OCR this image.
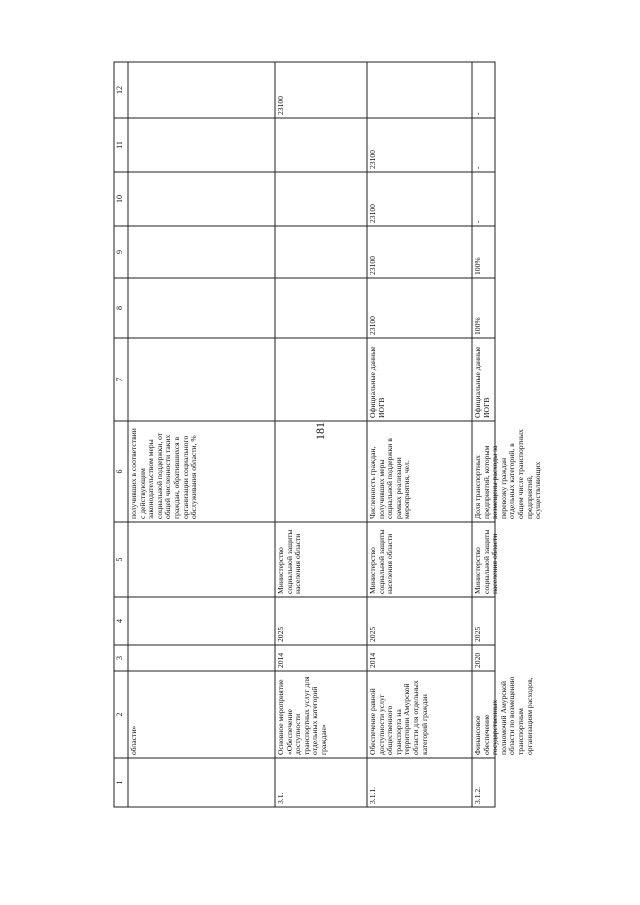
181
1
2
3
4
5
6
7
8
9
10
11
12
области»
получивших в соответствии с действующим законодательством меры социальной поддержки, от общей численности таких граждан, обратившихся в организации социального обслуживания области, %
3.1.
Основное мероприятие «Обеспечение доступности транспортных услуг для отдельных категорий граждан»
2014
2025
Министерство социальной защиты населения области
23100
3.1.1.
Обеспечение равной доступности услуг общественного транспорта на территории Амурской области для отдельных категорий граждан
2014
2025
Министерство социальной защиты населения области
Численность граждан, получивших меры социальной поддержки в рамках реализации мероприятия, чел.
Официальные данные ИОГВ
23100
23100
23100
23100
3.1.2.
Финансовое обеспечение государственных полномочий Амурской области по возмещению транспортным организациям расходов,
2020
2025
Министерство социальной защиты населения области
Доля транспортных предприятий, которым возмещены расходы за перевозку граждан отдельных категорий, в общем числе транспортных предприятий, осуществляющих
Официальные данные ИОГВ
100%
100%
-
-
-
